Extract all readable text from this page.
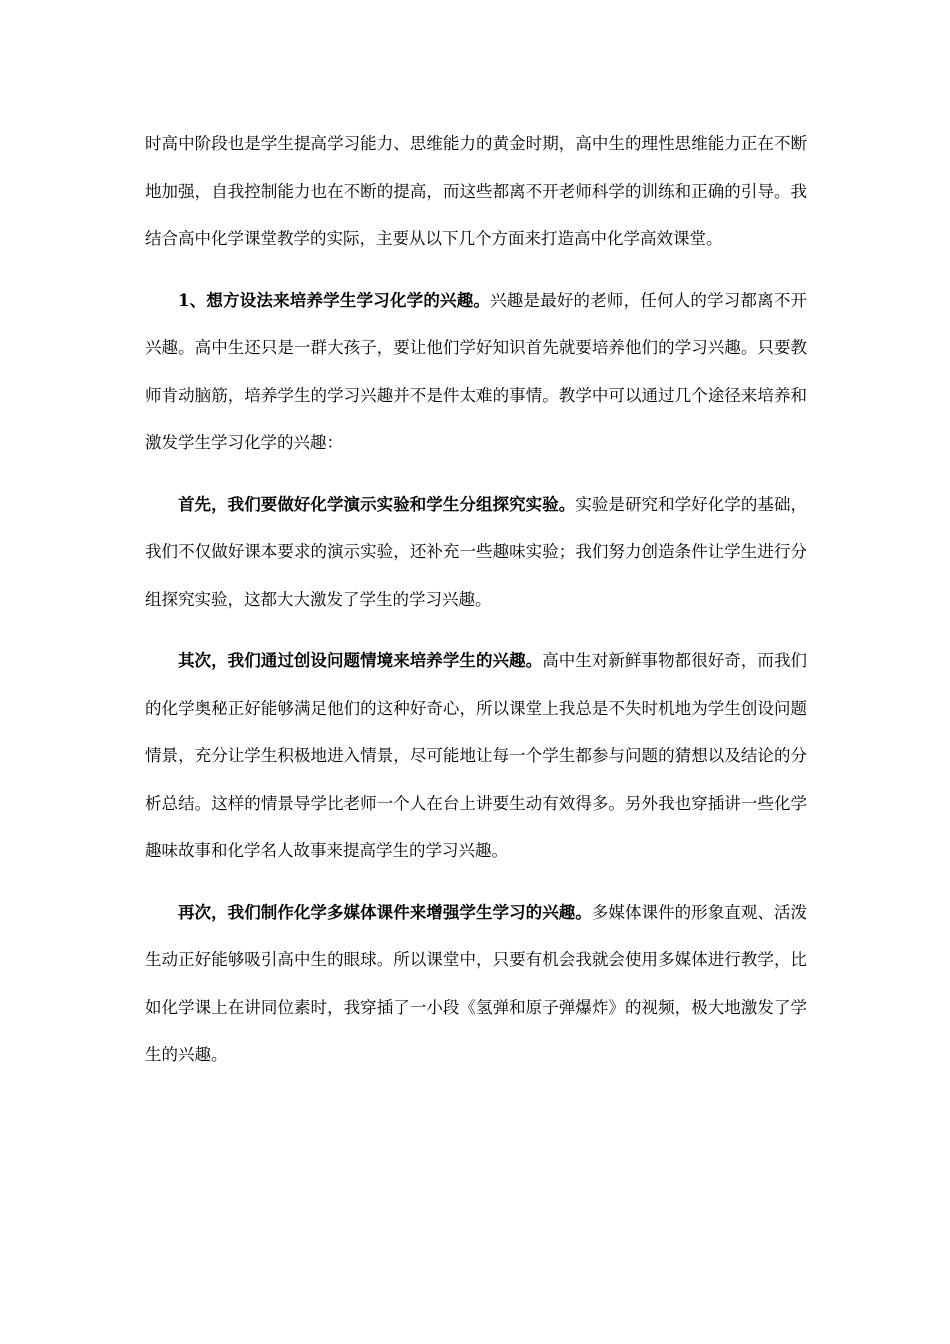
时高中阶段也是学生提高学习能力、思维能力的黄金时期，高中生的理性思维能力正在不断地加强，自我控制能力也在不断的提高，而这些都离不开老师科学的训练和正确的引导。我结合高中化学课堂教学的实际，主要从以下几个方面来打造高中化学高效课堂。

1、想方设法来培养学生学习化学的兴趣。兴趣是最好的老师，任何人的学习都离不开兴趣。高中生还只是一群大孩子，要让他们学好知识首先就要培养他们的学习兴趣。只要教师肯动脑筋，培养学生的学习兴趣并不是件太难的事情。教学中可以通过几个途径来培养和激发学生学习化学的兴趣：

首先，我们要做好化学演示实验和学生分组探究实验。实验是研究和学好化学的基础，我们不仅做好课本要求的演示实验，还补充一些趣味实验；我们努力创造条件让学生进行分组探究实验，这都大大激发了学生的学习兴趣。

其次，我们通过创设问题情境来培养学生的兴趣。高中生对新鲜事物都很好奇，而我们的化学奥秘正好能够满足他们的这种好奇心，所以课堂上我总是不失时机地为学生创设问题情景，充分让学生积极地进入情景，尽可能地让每一个学生都参与问题的猜想以及结论的分析总结。这样的情景导学比老师一个人在台上讲要生动有效得多。另外我也穿插讲一些化学趣味故事和化学名人故事来提高学生的学习兴趣。

再次，我们制作化学多媒体课件来增强学生学习的兴趣。多媒体课件的形象直观、活泼生动正好能够吸引高中生的眼球。所以课堂中，只要有机会我就会使用多媒体进行教学，比如化学课上在讲同位素时，我穿插了一小段《氢弹和原子弹爆炸》的视频，极大地激发了学生的兴趣。
